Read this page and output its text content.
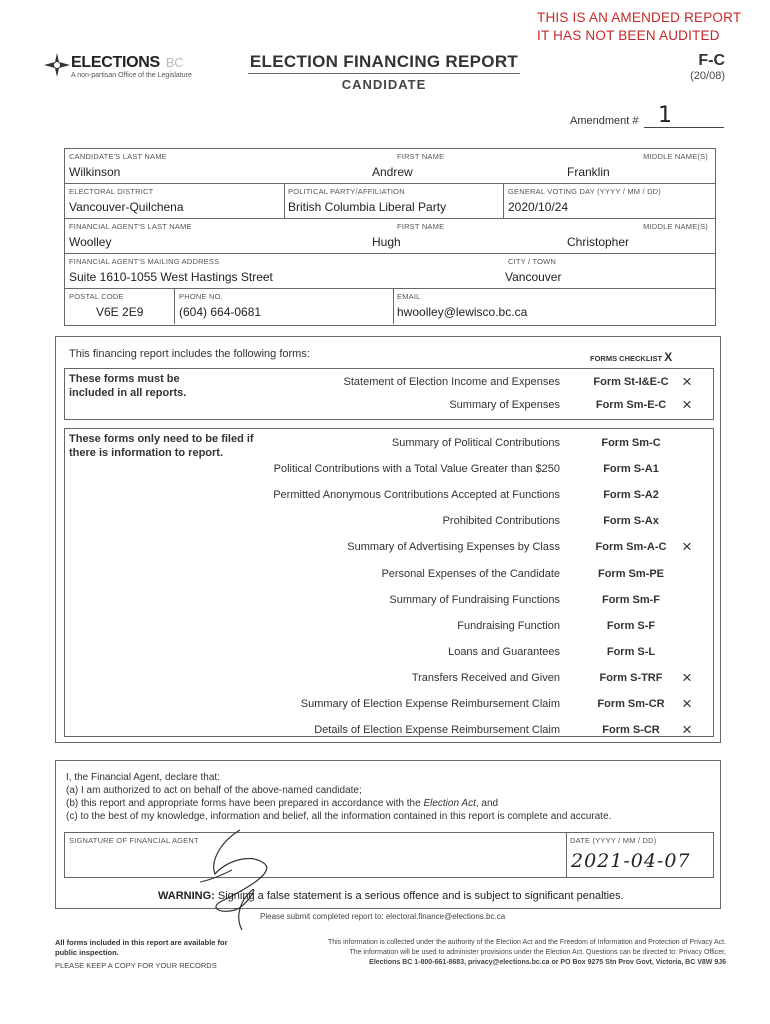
THIS IS AN AMENDED REPORT
IT HAS NOT BEEN AUDITED
ELECTIONS BC
A non-partisan Office of the Legislature
ELECTION FINANCING REPORT
CANDIDATE
F-C
(20/08)
Amendment # 1
CANDIDATE'S LAST NAME
Wilkinson
FIRST NAME
Andrew
MIDDLE NAME(S)
Franklin
ELECTORAL DISTRICT
Vancouver-Quilchena
POLITICAL PARTY/AFFILIATION
British Columbia Liberal Party
GENERAL VOTING DAY (YYYY / MM / DD)
2020/10/24
FINANCIAL AGENT'S LAST NAME
Woolley
FIRST NAME
Hugh
MIDDLE NAME(S)
Christopher
FINANCIAL AGENT'S MAILING ADDRESS
Suite 1610-1055 West Hastings Street
CITY / TOWN
Vancouver
POSTAL CODE
V6E 2E9
PHONE NO.
(604) 664-0681
EMAIL
hwoolley@lewisco.bc.ca
This financing report includes the following forms:	FORMS CHECKLIST X
These forms must be included in all reports.
Statement of Election Income and Expenses	Form St-I&E-C ×
Summary of Expenses	Form Sm-E-C ×
These forms only need to be filed if there is information to report.
Summary of Political Contributions	Form Sm-C
Political Contributions with a Total Value Greater than $250	Form S-A1
Permitted Anonymous Contributions Accepted at Functions	Form S-A2
Prohibited Contributions	Form S-Ax
Summary of Advertising Expenses by Class	Form Sm-A-C ×
Personal Expenses of the Candidate	Form Sm-PE
Summary of Fundraising Functions	Form Sm-F
Fundraising Function	Form S-F
Loans and Guarantees	Form S-L
Transfers Received and Given	Form S-TRF	×
Summary of Election Expense Reimbursement Claim	Form Sm-CR	×
Details of Election Expense Reimbursement Claim	Form S-CR	×
I, the Financial Agent, declare that:
(a) I am authorized to act on behalf of the above-named candidate;
(b) this report and appropriate forms have been prepared in accordance with the Election Act, and
(c) to the best of my knowledge, information and belief, all the information contained in this report is complete and accurate.
SIGNATURE OF FINANCIAL AGENT	DATE (YYYY / MM / DD)
2021-04-07
WARNING: Signing a false statement is a serious offence and is subject to significant penalties.
Please submit completed report to: electoral.finance@elections.bc.ca
All forms included in this report are available for public inspection.
PLEASE KEEP A COPY FOR YOUR RECORDS
This information is collected under the authority of the Election Act and the Freedom of Information and Protection of Privacy Act.
The information will be used to administer provisions under the Election Act. Questions can be directed to: Privacy Officer,
Elections BC 1-800-661-8683, privacy@elections.bc.ca or PO Box 9275 Stn Prov Govt, Victoria, BC V8W 9J6
